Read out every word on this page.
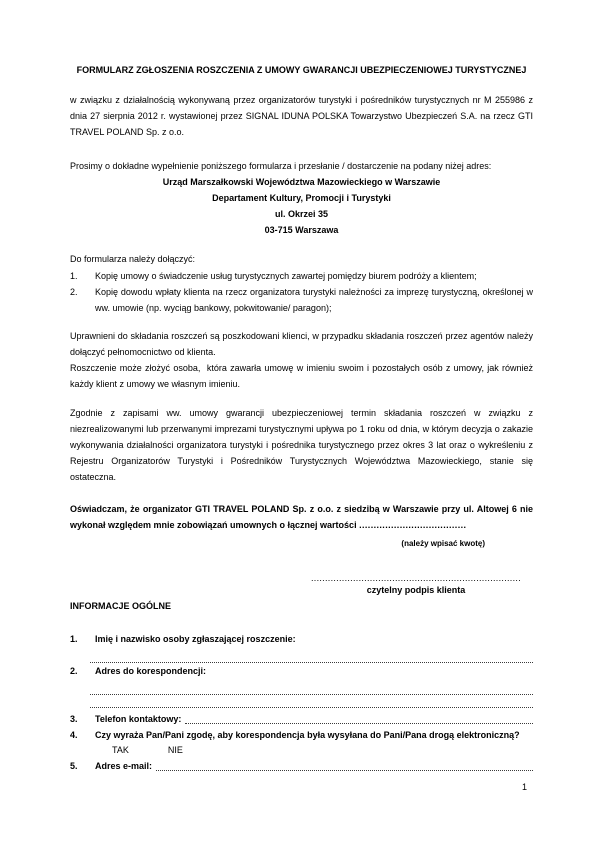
FORMULARZ ZGŁOSZENIA ROSZCZENIA Z UMOWY GWARANCJI UBEZPIECZENIOWEJ TURYSTYCZNEJ

w związku z działalnością wykonywaną przez organizatorów turystyki i pośredników turystycznych nr M 255986 z dnia 27 sierpnia 2012 r. wystawionej przez SIGNAL IDUNA POLSKA Towarzystwo Ubezpieczeń S.A. na rzecz GTI TRAVEL POLAND Sp. z o.o.

Prosimy o dokładne wypełnienie poniższego formularza i przesłanie / dostarczenie na podany niżej adres:

Urząd Marszałkowski Województwa Mazowieckiego w Warszawie
Departament Kultury, Promocji i Turystyki
ul. Okrzei 35
03-715 Warszawa

Do formularza należy dołączyć:

1.	Kopię umowy o świadczenie usług turystycznych zawartej pomiędzy biurem podróży a klientem;
2.	Kopię dowodu wpłaty klienta na rzecz organizatora turystyki należności za imprezę turystyczną, określonej w ww. umowie (np. wyciąg bankowy, pokwitowanie/ paragon);

Uprawnieni do składania roszczeń są poszkodowani klienci, w przypadku składania roszczeń przez agentów należy dołączyć pełnomocnictwo od klienta.

Roszczenie może złożyć osoba,  która zawarła umowę w imieniu swoim i pozostałych osób z umowy, jak również każdy klient z umowy we własnym imieniu.

Zgodnie z zapisami ww. umowy gwarancji ubezpieczeniowej termin składania roszczeń w związku z niezrealizowanymi lub przerwanymi imprezami turystycznymi upływa po 1 roku od dnia, w którym decyzja o zakazie wykonywania działalności organizatora turystyki i pośrednika turystycznego przez okres 3 lat oraz o wykreśleniu z Rejestru Organizatorów Turystyki i Pośredników Turystycznych Województwa Mazowieckiego, stanie się ostateczna.

Oświadczam, że organizator GTI TRAVEL POLAND Sp. z o.o. z siedzibą w Warszawie przy ul. Altowej 6 nie wykonał względem mnie zobowiązań umownych o łącznej wartości .....................................

(należy wpisać kwotę)
...........................................................................
czytelny podpis klienta
INFORMACJE OGÓLNE
1.	Imię i nazwisko osoby zgłaszającej roszczenie:
2.	Adres do korespondencji:
3.	Telefon kontaktowy:
4.	Czy wyraża Pan/Pani zgodę, aby korespondencja była wysyłana do Pani/Pana drogą elektroniczną?
TAK	NIE
5.	Adres e-mail:
1
